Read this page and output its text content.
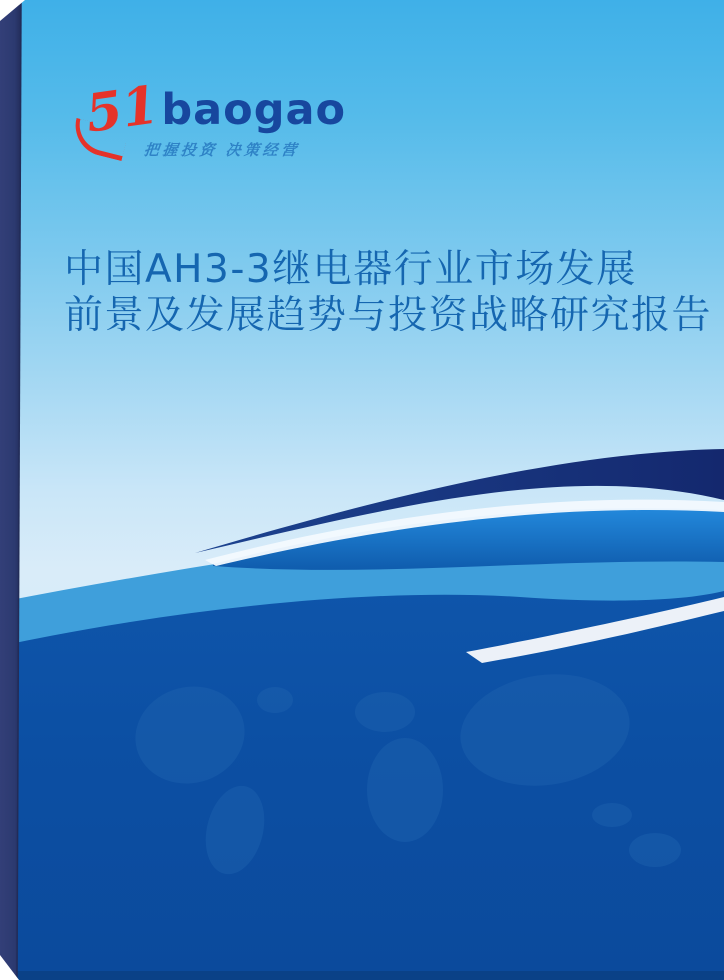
51 baogao
把握投资 决策经营
中国AH3-3继电器行业市场发展
前景及发展趋势与投资战略研究报告
